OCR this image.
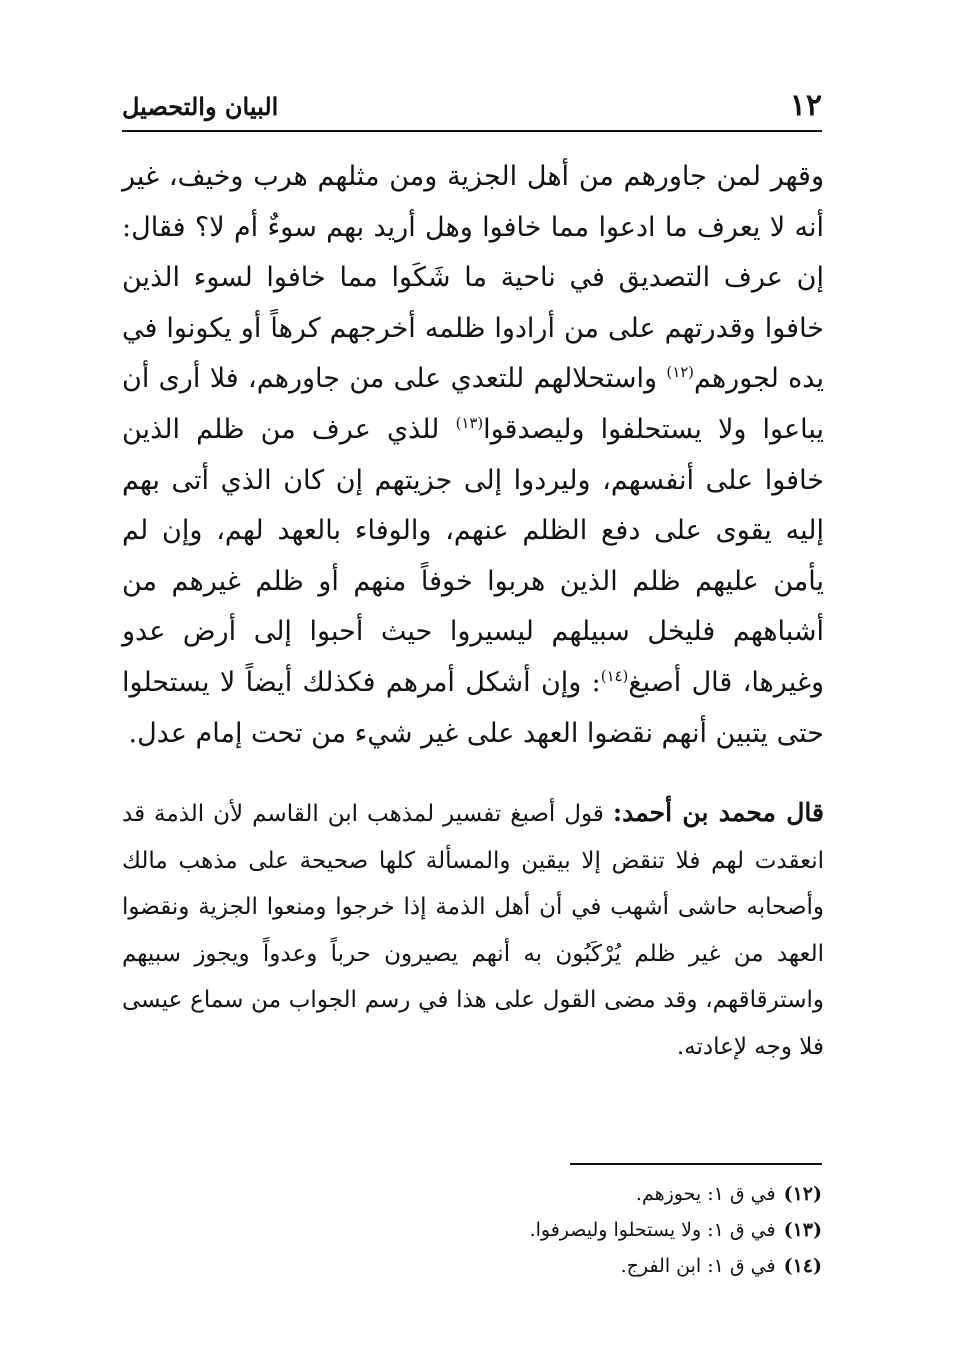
١٢
البيان والتحصيل

وقهر لمن جاورهم من أهل الجزية ومن مثلهم هرب وخيف، غير أنه لا يعرف ما ادعوا مما خافوا وهل أريد بهم سوءٌ أم لا؟ فقال: إن عرف التصديق في ناحية ما شَكَوا مما خافوا لسوء الذين خافوا وقدرتهم على من أرادوا ظلمه أخرجهم كرهاً أو يكونوا في يده لجورهم$^{(١٢)}$ واستحلالهم للتعدي على من جاورهم، فلا أرى أن يباعوا ولا يستحلفوا وليصدقوا$^{(١٣)}$ للذي عرف من ظلم الذين خافوا على أنفسهم، وليردوا إلى جزيتهم إن كان الذي أتى بهم إليه يقوى على دفع الظلم عنهم، والوفاء بالعهد لهم، وإن لم يأمن عليهم ظلم الذين هربوا خوفاً منهم أو ظلم غيرهم من أشباههم فليخل سبيلهم ليسيروا حيث أحبوا إلى أرض عدو وغيرها، قال أصبغ$^{(١٤)}$: وإن أشكل أمرهم فكذلك أيضاً لا يستحلوا حتى يتبين أنهم نقضوا العهد على غير شيء من تحت إمام عدل.

قال محمد بن أحمد: قول أصبغ تفسير لمذهب ابن القاسم لأن الذمة قد انعقدت لهم فلا تنقض إلا بيقين والمسألة كلها صحيحة على مذهب مالك وأصحابه حاشى أشهب في أن أهل الذمة إذا خرجوا ومنعوا الجزية ونقضوا العهد من غير ظلم يُرْكَبُون به أنهم يصيرون حرباً وعدواً ويجوز سبيهم واسترقاقهم، وقد مضى القول على هذا في رسم الجواب من سماع عيسى فلا وجه لإعادته.

(١٢)في ق ١: يحوزهم.
(١٣)في ق ١: ولا يستحلوا وليصرفوا.
(١٤)في ق ١: ابن الفرج.
